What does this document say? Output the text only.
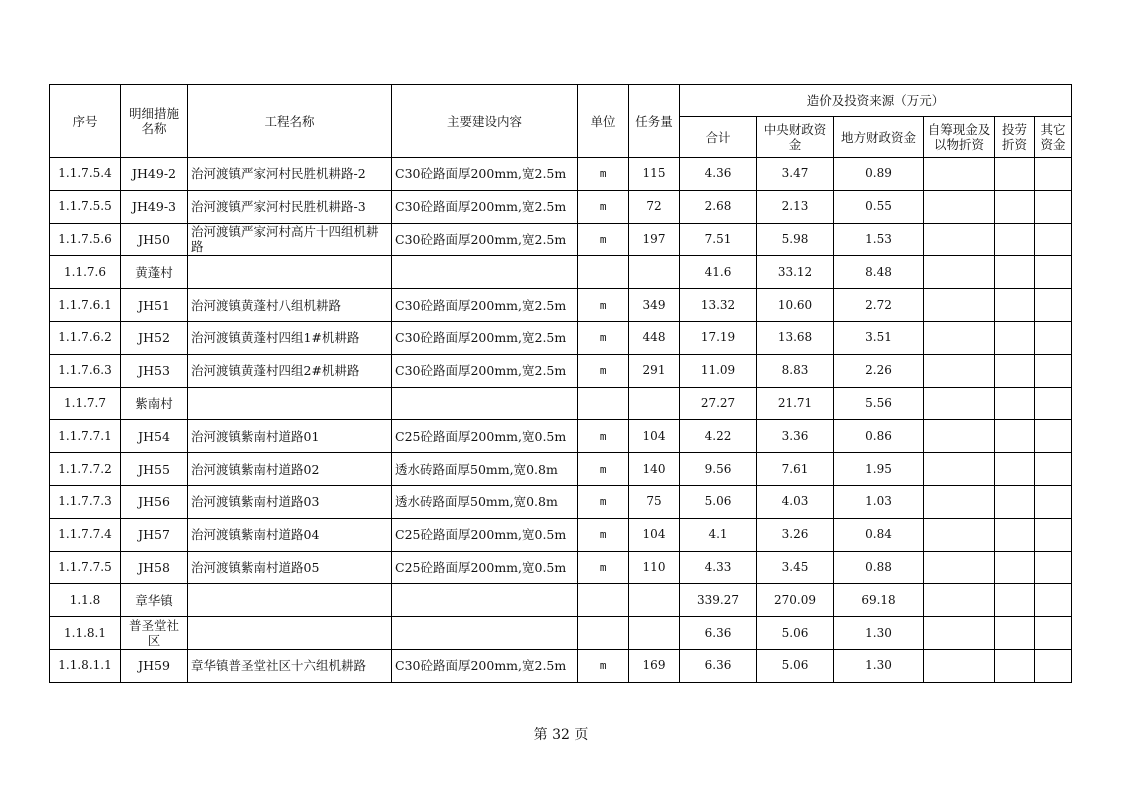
序号	明细措施名称	工程名称	主要建设内容	单位	任务量	造价及投资来源（万元）					
						合计	中央财政资金	地方财政资金	自筹现金及以物折资	投劳折资	其它资金
1.1.7.5.4	JH49-2	治河渡镇严家河村民胜机耕路-2	C30砼路面厚200mm,宽2.5m	m	115	4.36	3.47	0.89			
1.1.7.5.5	JH49-3	治河渡镇严家河村民胜机耕路-3	C30砼路面厚200mm,宽2.5m	m	72	2.68	2.13	0.55			
1.1.7.5.6	JH50	治河渡镇严家河村高片十四组机耕路	C30砼路面厚200mm,宽2.5m	m	197	7.51	5.98	1.53			
1.1.7.6	黄蓬村					41.6	33.12	8.48			
1.1.7.6.1	JH51	治河渡镇黄蓬村八组机耕路	C30砼路面厚200mm,宽2.5m	m	349	13.32	10.60	2.72			
1.1.7.6.2	JH52	治河渡镇黄蓬村四组1#机耕路	C30砼路面厚200mm,宽2.5m	m	448	17.19	13.68	3.51			
1.1.7.6.3	JH53	治河渡镇黄蓬村四组2#机耕路	C30砼路面厚200mm,宽2.5m	m	291	11.09	8.83	2.26			
1.1.7.7	紫南村					27.27	21.71	5.56			
1.1.7.7.1	JH54	治河渡镇紫南村道路01	C25砼路面厚200mm,宽0.5m	m	104	4.22	3.36	0.86			
1.1.7.7.2	JH55	治河渡镇紫南村道路02	透水砖路面厚50mm,宽0.8m	m	140	9.56	7.61	1.95			
1.1.7.7.3	JH56	治河渡镇紫南村道路03	透水砖路面厚50mm,宽0.8m	m	75	5.06	4.03	1.03			
1.1.7.7.4	JH57	治河渡镇紫南村道路04	C25砼路面厚200mm,宽0.5m	m	104	4.1	3.26	0.84			
1.1.7.7.5	JH58	治河渡镇紫南村道路05	C25砼路面厚200mm,宽0.5m	m	110	4.33	3.45	0.88			
1.1.8	章华镇					339.27	270.09	69.18			
1.1.8.1	普圣堂社区					6.36	5.06	1.30			
1.1.8.1.1	JH59	章华镇普圣堂社区十六组机耕路	C30砼路面厚200mm,宽2.5m	m	169	6.36	5.06	1.30			
第 32 页
